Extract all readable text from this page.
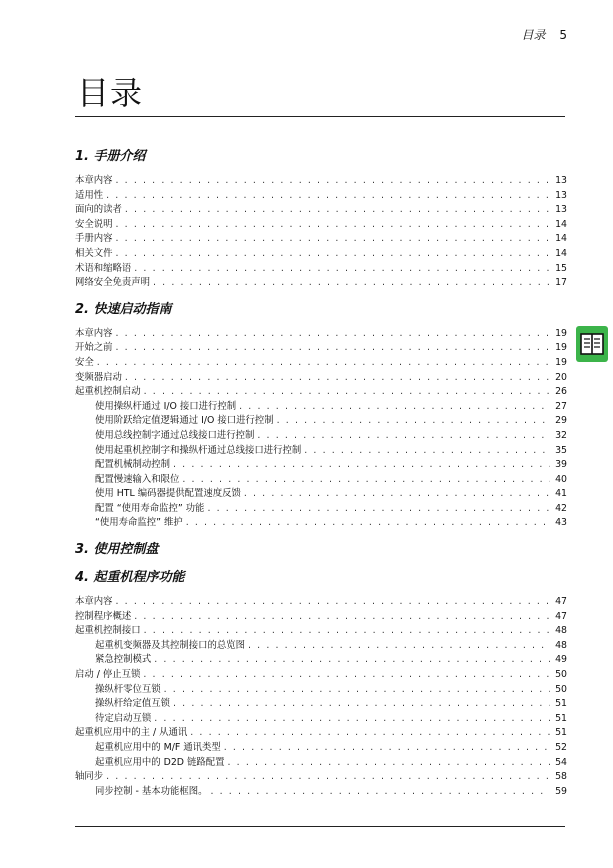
目录 5
目录
1. 手册介绍
本章内容 . . .	13
适用性 . . .	13
面向的读者 . . .	13
安全说明 . . .	14
手册内容 . . .	14
相关文件 . . .	14
术语和缩略语 . . .	15
网络安全免责声明 . . .	17
2. 快速启动指南
本章内容 . . .	19
开始之前 . . .	19
安全 . . .	19
变频器启动 . . .	20
起重机控制启动 . . .	26
使用操纵杆通过 I/O 接口进行控制 . . .	27
使用阶跃给定值逻辑通过 I/O 接口进行控制 . . .	29
使用总线控制字通过总线接口进行控制 . . .	32
使用起重机控制字和操纵杆通过总线接口进行控制 . . .	35
配置机械制动控制 . . .	39
配置慢速输入和限位 . . .	40
使用 HTL 编码器提供配置速度反馈 . . .	41
配置 “使用寿命监控” 功能 . . .	42
“使用寿命监控” 维护 . . .	43
3. 使用控制盘
4. 起重机程序功能
本章内容 . . .	47
控制程序概述 . . .	47
起重机控制接口 . . .	48
起重机变频器及其控制接口的总览图 . . .	48
紧急控制模式 . . .	49
启动 / 停止互锁 . . .	50
操纵杆零位互锁 . . .	50
操纵杆给定值互锁 . . .	51
待定启动互锁 . . .	51
起重机应用中的主 / 从通讯 . . .	51
起重机应用中的 M/F 通讯类型 . . .	52
起重机应用中的 D2D 链路配置 . . .	54
轴同步 . . .	58
同步控制 - 基本功能框图。 . . .	59
